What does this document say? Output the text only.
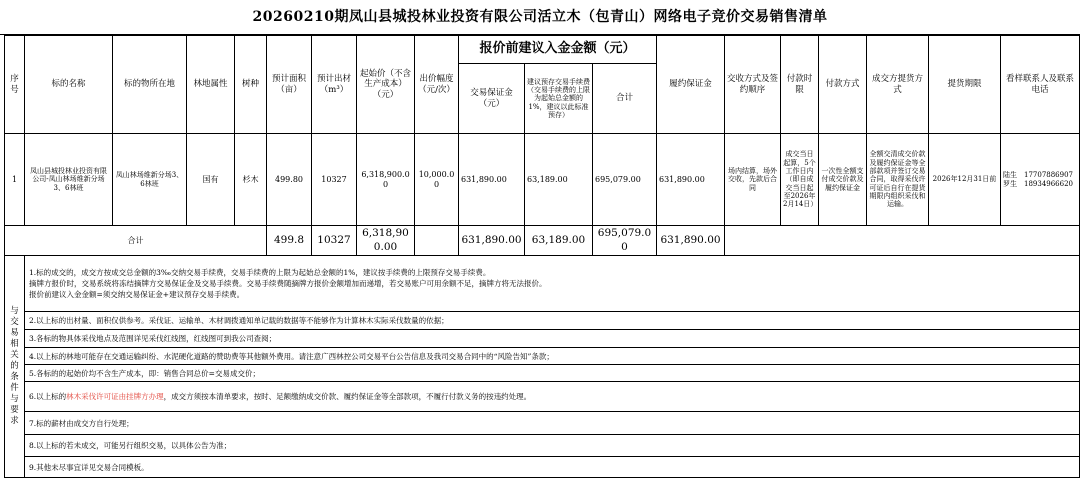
20260210期凤山县城投林业投资有限公司活立木（包青山）网络电子竞价交易销售清单
序号	标的名称	标的物所在地	林地属性	树种	预计面积（亩）	预计出材（m³）	起始价（不含生产成本）（元）	出价幅度（元/次）	报价前建议入金金额（元）			履约保证金	交收方式及签约顺序	付款时限	付款方式	成交方提货方式	提货期限	看样联系人及联系电话
									交易保证金（元）	建议预存交易手续费（交易手续费的上限为起始总金额的1%，建议以此标准预存）	合计							
1	凤山县城投林业投资有限公司-凤山林场维新分场3、6林班	凤山林场维新分场3、6林班	国有	杉木	499.80	10327	6,318,900.00	10,000.00	631,890.00	63,189.00	695,079.00	631,890.00	场内结算，场外交收，先款后合同	成交当日起算，5个工作日内（即自成交当日起至2026年2月14日）	一次性全额支付成交价款及履约保证金	全额交清成交价款及履约保证金等全部款项并签订交易合同，取得采伐许可证后自行在提货期限内组织采伐和运输。	2026年12月31日前	陆生　17707886907
罗生　18934966620

合计					499.8	10327	6,318,900.00		631,890.00	63,189.00	695,079.00	631,890.00						

与交易相关的条件与要求	1.标的成交的，成交方按成交总金额的3‰交纳交易手续费，交易手续费的上限为起始总金额的1%，建议按手续费的上限预存交易手续费。
摘牌方报价时，交易系统将冻结摘牌方交易保证金及交易手续费。交易手续费随摘牌方报价金额增加而递增，若交易账户可用余额不足，摘牌方将无法报价。
报价前建议入金金额=须交纳交易保证金+建议预存交易手续费。																	

	2.以上标的出材量、面积仅供参考。采伐证、运输单、木材调拨通知单记载的数据等不能够作为计算林木实际采伐数量的依据；																	
	3.各标的物具体采伐地点及范围详见采伐红线图，红线图可到我公司查阅；																	
	4.以上标的林地可能存在交通运输纠纷、水泥硬化道路的赞助费等其他额外费用。请注意广西林控公司交易平台公告信息及我司交易合同中的“风险告知”条款；																	
	5.各标的的起始价均不含生产成本，即：销售合同总价=交易成交价；																	
	6.以上标的林木采伐许可证由挂牌方办理，成交方须按本清单要求，按时、足额缴纳成交价款、履约保证金等全部款项，不履行付款义务的按违约处理。																	
	7.标的薪材由成交方自行处理；																	
	8.以上标的若未成交，可能另行组织交易，以具体公告为准；																	
	9.其他未尽事宜详见交易合同模板。																	
